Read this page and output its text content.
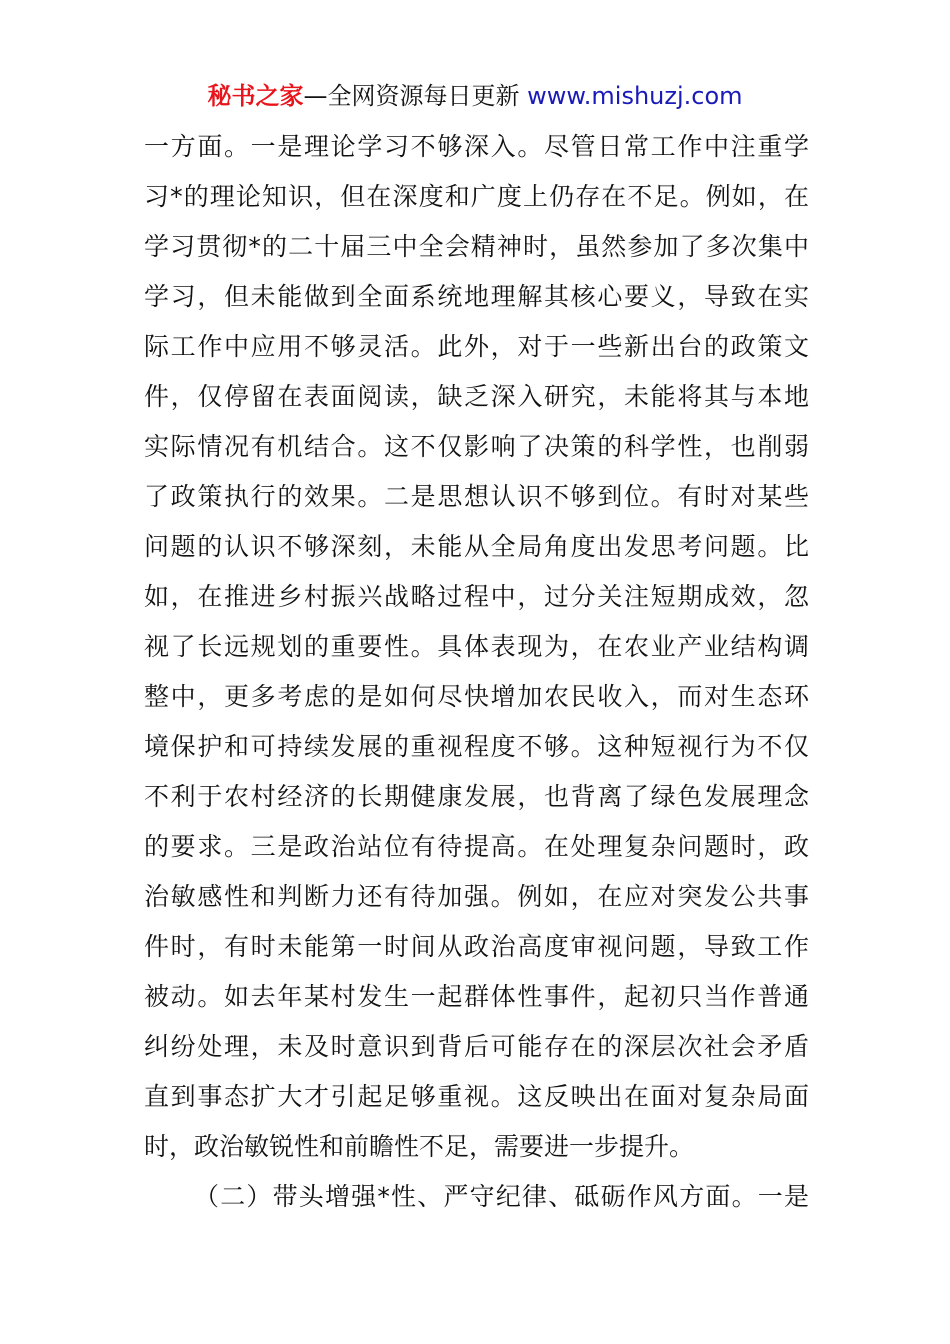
秘书之家—全网资源每日更新 www.mishuzj.com
一方面。一是理论学习不够深入。尽管日常工作中注重学
习*的理论知识，但在深度和广度上仍存在不足。例如，在
学习贯彻*的二十届三中全会精神时，虽然参加了多次集中
学习，但未能做到全面系统地理解其核心要义，导致在实
际工作中应用不够灵活。此外，对于一些新出台的政策文
件，仅停留在表面阅读，缺乏深入研究，未能将其与本地
实际情况有机结合。这不仅影响了决策的科学性，也削弱
了政策执行的效果。二是思想认识不够到位。有时对某些
问题的认识不够深刻，未能从全局角度出发思考问题。比
如，在推进乡村振兴战略过程中，过分关注短期成效，忽
视了长远规划的重要性。具体表现为，在农业产业结构调
整中，更多考虑的是如何尽快增加农民收入，而对生态环
境保护和可持续发展的重视程度不够。这种短视行为不仅
不利于农村经济的长期健康发展，也背离了绿色发展理念
的要求。三是政治站位有待提高。在处理复杂问题时，政
治敏感性和判断力还有待加强。例如，在应对突发公共事
件时，有时未能第一时间从政治高度审视问题，导致工作
被动。如去年某村发生一起群体性事件，起初只当作普通
纠纷处理，未及时意识到背后可能存在的深层次社会矛盾
直到事态扩大才引起足够重视。这反映出在面对复杂局面
时，政治敏锐性和前瞻性不足，需要进一步提升。
（二）带头增强*性、严守纪律、砥砺作风方面。一是
